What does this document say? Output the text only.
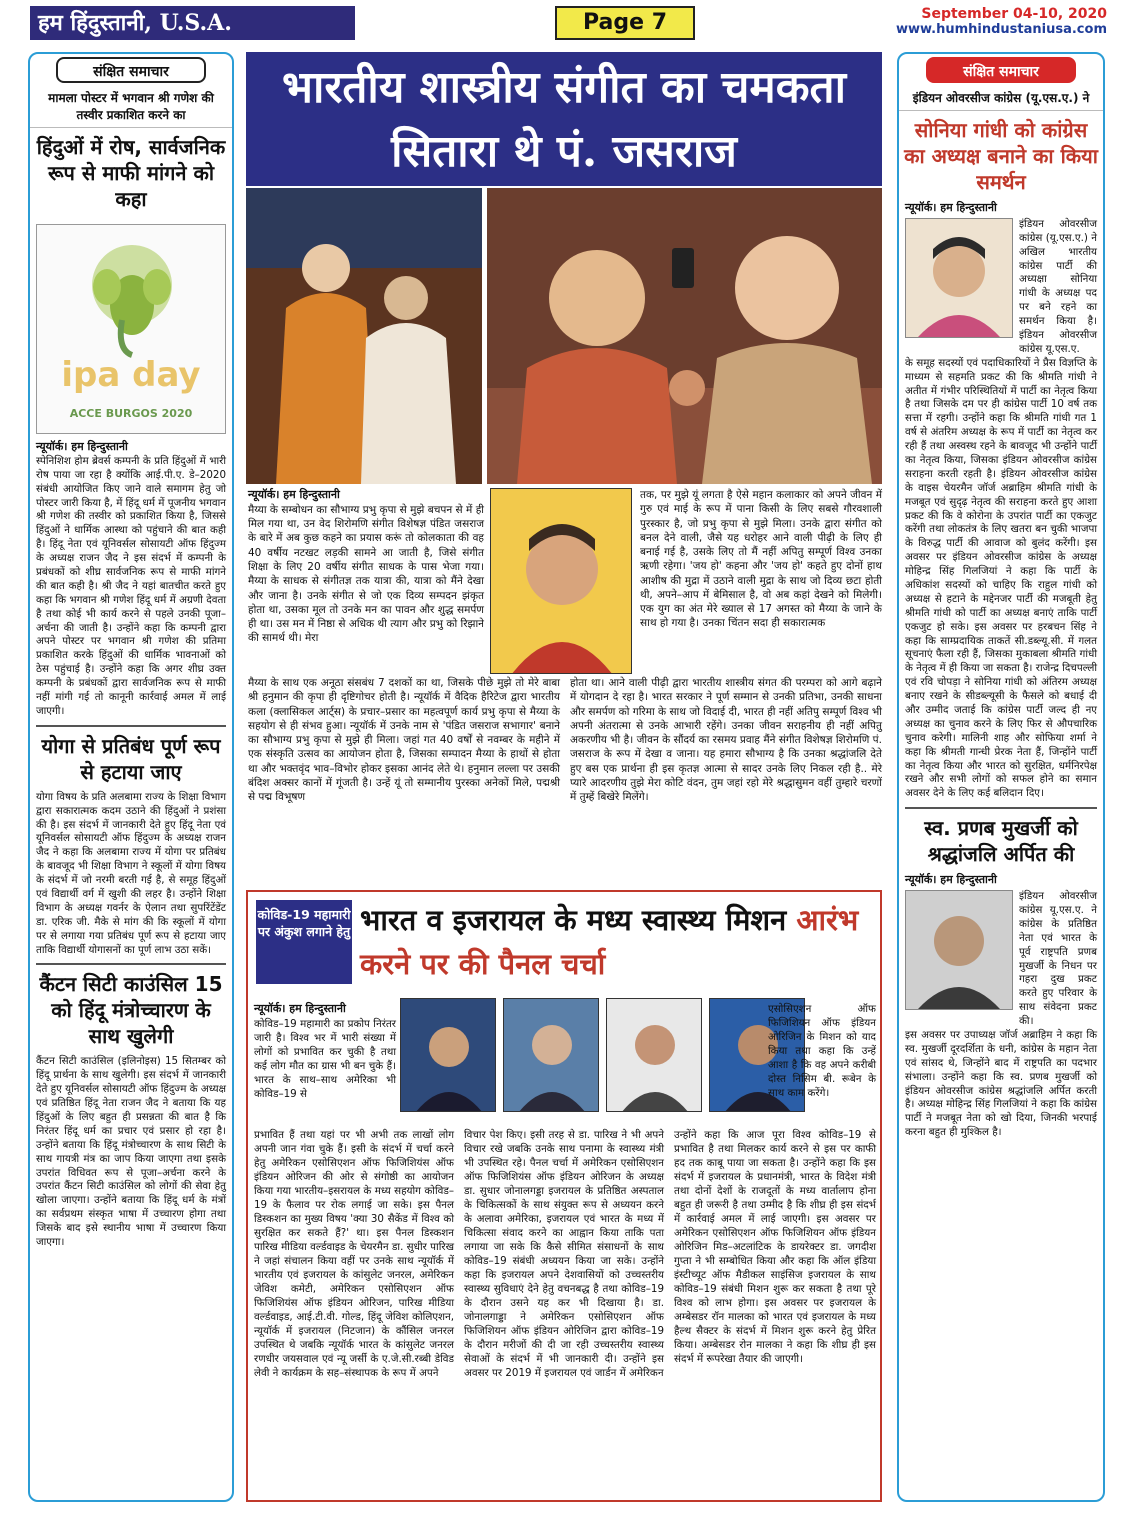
हम हिंदुस्तानी, U.S.A.	Page 7	September 04-10, 2020
www.humhindustaniusa.com
संक्षित समाचार
मामला पोस्टर में भगवान श्री गणेश की तस्वीर प्रकाशित करने का
हिंदुओं में रोष, सार्वजनिक रूप से माफी मांगने को कहा
ipa day
ACCE BURGOS 2020
न्यूयॉर्क। हम हिन्दुस्तानी
स्पेनिशिश होम ब्रेवर्स कम्पनी के प्रति हिंदुओं में भारी रोष पाया जा रहा है क्योंकि आई.पी.ए. डे–2020 संबंधी आयोजित किए जाने वाले समागम हेतु जो पोस्टर जारी किया है, में हिंदू धर्म में पूजनीय भगवान श्री गणेश की तस्वीर को प्रकाशित किया है, जिससे हिंदुओं ने धार्मिक आस्था को पहुंचाने की बात कही है। हिंदू नेता एवं यूनिवर्सल सोसायटी ऑफ हिंदुज्म के अध्यक्ष राजन जैद ने इस संदर्भ में कम्पनी के प्रबंधकों को शीघ्र सार्वजनिक रूप से माफी मांगने की बात कही है। श्री जैद ने यहां बातचीत करते हुए कहा कि भगवान श्री गणेश हिंदू धर्म में अग्रणी देवता है तथा कोई भी कार्य करने से पहले उनकी पूजा–अर्चना की जाती है। उन्होंने कहा कि कम्पनी द्वारा अपने पोस्टर पर भगवान श्री गणेश की प्रतिमा प्रकाशित करके हिंदुओं की धार्मिक भावनाओं को ठेस पहुंचाई है। उन्होंने कहा कि अगर शीघ्र उक्त कम्पनी के प्रबंधकों द्वारा सार्वजनिक रूप से माफी नहीं मांगी गई तो कानूनी कार्रवाई अमल में लाई जाएगी।
योगा से प्रतिबंध पूर्ण रूप से हटाया जाए
योगा विषय के प्रति अलबामा राज्य के शिक्षा विभाग द्वारा सकारात्मक कदम उठाने की हिंदुओं ने प्रशंसा की है। इस संदर्भ में जानकारी देते हुए हिंदू नेता एवं यूनिवर्सल सोसायटी ऑफ हिंदुज्म के अध्यक्ष राजन जैद ने कहा कि अलबामा राज्य में योगा पर प्रतिबंध के बावजूद भी शिक्षा विभाग ने स्कूलों में योगा विषय के संदर्भ में जो नरमी बरती गई है, से समूह हिंदुओं एवं विद्यार्थी वर्ग में खुशी की लहर है। उन्होंने शिक्षा विभाग के अध्यक्ष गवर्नर के ऐलान तथा सुपरिंटेंडेंट डा. एरिक जी. मैके से मांग की कि स्कूलों में योगा पर से लगाया गया प्रतिबंध पूर्ण रूप से हटाया जाए ताकि विद्यार्थी योगासनों का पूर्ण लाभ उठा सकें।
कैंटन सिटी काउंसिल 15 को हिंदू मंत्रोच्चारण के साथ खुलेगी
कैंटन सिटी काउंसिल (इलिनोइस) 15 सितम्बर को हिंदू प्रार्थना के साथ खुलेगी। इस संदर्भ में जानकारी देते हुए यूनिवर्सल सोसायटी ऑफ हिंदुज्म के अध्यक्ष एवं प्रतिष्ठित हिंदू नेता राजन जैद ने बताया कि यह हिंदुओं के लिए बहुत ही प्रसन्नता की बात है कि निरंतर हिंदू धर्म का प्रचार एवं प्रसार हो रहा है। उन्होंने बताया कि हिंदू मंत्रोच्चारण के साथ सिटी के साथ गायत्री मंत्र का जाप किया जाएगा तथा इसके उपरांत विधिवत रूप से पूजा–अर्चना करने के उपरांत कैंटन सिटी काउंसिल को लोगों की सेवा हेतु खोला जाएगा। उन्होंने बताया कि हिंदू धर्म के मंत्रों का सर्वप्रथम संस्कृत भाषा में उच्चारण होगा तथा जिसके बाद इसे स्थानीय भाषा में उच्चारण किया जाएगा।
भारतीय शास्त्रीय संगीत का चमकता सितारा थे पं. जसराज
न्यूयॉर्क। हम हिन्दुस्तानी
मैय्या के सम्बोधन का सौभाग्य प्रभु कृपा से मुझे बचपन से में ही मिल गया था, उन वेद शिरोमणि संगीत विशेषज्ञ पंडित जसराज के बारे में अब कुछ कहने का प्रयास करूं तो कोलकाता की वह 40 वर्षीय नटखट लड़की सामने आ जाती है, जिसे संगीत शिक्षा के लिए 20 वर्षीय संगीत साधक के पास भेजा गया। मैय्या के साधक से संगीतज्ञ तक यात्रा की, यात्रा को मैंने देखा और जाना है। उनके संगीत से जो एक दिव्य सम्पदन झंकृत होता था, उसका मूल तो उनके मन का पावन और शुद्ध समर्पण ही था। उस मन में निष्ठा से अधिक थी त्याग और प्रभु को रिझाने की सामर्थ थी। मेरा
तक, पर मुझे यूं लगता है ऐसे महान कलाकार को अपने जीवन में गुरु एवं माई के रूप में पाना किसी के लिए सबसे गौरवशाली पुरस्कार है, जो प्रभु कृपा से मुझे मिला। उनके द्वारा संगीत को बनल देने वाली, जैसे यह धरोहर आने वाली पीढ़ी के लिए ही बनाई गई है, उसके लिए तो मैं नहीं अपितु सम्पूर्ण विश्व उनका ऋणी रहेगा। 'जय हो' कहना और 'जय हो' कहते हुए दोनों हाथ आशीष की मुद्रा में उठाने वाली मुद्रा के साथ जो दिव्य छटा होती थी, अपने–आप में बेमिसाल है, वो अब कहां देखने को मिलेगी। एक युग का अंत मेरे ख्याल से 17 अगस्त को मैय्या के जाने के साथ हो गया है। उनका चिंतन सदा ही सकारात्मक
मैय्या के साथ एक अनूठा संसबंध 7 दशकों का था, जिसके पीछे मुझे तो मेरे बाबा श्री हनुमान की कृपा ही दृष्टिगोचर होती है। न्यूयॉर्क में वैदिक हैरिटेज द्वारा भारतीय कला (क्लासिकल आर्ट्स) के प्रचार–प्रसार का महत्वपूर्ण कार्य प्रभु कृपा से मैय्या के सहयोग से ही संभव हुआ। न्यूयॉर्क में उनके नाम से 'पंडित जसराज सभागार' बनाने का सौभाग्य प्रभु कृपा से मुझे ही मिला। जहां गत 40 वर्षों से नवम्बर के महीने में एक संस्कृति उत्सव का आयोजन होता है, जिसका सम्पादन मैय्या के हाथों से होता था और भक्तवृंद भाव–विभोर होकर इसका आनंद लेते थे। हनुमान लल्ला पर उसकी बंदिश अक्सर कानों में गूंजती है। उन्हें यूं तो सम्मानीय पुरस्का अनेकों मिले, पद्मश्री से पद्म विभूषण
होता था। आने वाली पीढ़ी द्वारा भारतीय शास्त्रीय संगत की परम्परा को आगे बढ़ाने में योगदान दे रहा है। भारत सरकार ने पूर्ण सम्मान से उनकी प्रतिभा, उनकी साधना और समर्पण को गरिमा के साथ जो विदाई दी, भारत ही नहीं अतिपु सम्पूर्ण विश्व भी अपनी अंतरात्मा से उनके आभारी रहेंगे। उनका जीवन सराहनीय ही नहीं अपितु अकरणीय भी है। जीवन के सौंदर्य का रसमय प्रवाह मैंने संगीत विशेषज्ञ शिरोमणि पं. जसराज के रूप में देखा व जाना। यह हमारा सौभाग्य है कि उनका श्रद्धांजलि देते हुए बस एक प्रार्थना ही इस कृतज्ञ आत्मा से सादर उनके लिए निकल रही है.. मेरे प्यारे आदरणीय तुझे मेरा कोटि वंदन, तुम जहां रहो मेरे श्रद्धासुमन वहीं तुम्हारे चरणों में तुम्हें बिखेरे मिलेंगे।
कोविड-19 महामारी पर अंकुश लगाने हेतु भारत व इजरायल के मध्य स्वास्थ्य मिशन आरंभ करने पर की पैनल चर्चा
न्यूयॉर्क। हम हिन्दुस्तानी
कोविड–19 महामारी का प्रकोप निरंतर जारी है। विश्व भर में भारी संख्या में लोगों को प्रभावित कर चुकी है तथा कई लोग मौत का ग्रास भी बन चुके हैं। भारत के साथ–साथ अमेरिका भी कोविड–19 से
एसोसिएशन ऑफ फिजिशियन ऑफ इंडियन ओरिजिन के मिशन को याद किया तथा कहा कि उन्हें आशा है कि वह अपने करीबी दोस्त निसिम बी. रूबेन के साथ काम करेंगे।
प्रभावित हैं तथा यहां पर भी अभी तक लाखों लोग अपनी जान गंवा चुके हैं। इसी के संदर्भ में चर्चा करने हेतु अमेरिकन एसोसिएशन ऑफ फिजिशियंस ऑफ इंडियन ओरिजन की ओर से संगोष्ठी का आयोजन किया गया भारतीय–इसरायल के मध्य सहयोग कोविड–19 के फैलाव पर रोक लगाई जा सके। इस पैनल डिस्कशन का मुख्य विषय 'क्या 30 सैकेंड में विश्व को सुरक्षित कर सकते हैं?' था। इस पैनल डिस्कशन पारिख मीडिया वर्ल्डवाइड के चेयरमैन डा. सुधीर पारिख ने जहां संचालन किया वहीं पर उनके साथ न्यूयॉर्क में भारतीय एवं इजरायल के कांसुलेट जनरल, अमेरिकन जेविश कमेटी, अमेरिकन एसोसिएशन ऑफ फिजिशियंस ऑफ इंडियन ओरिजन, पारिख मीडिया वर्ल्डवाइड, आई.टी.वी. गोल्ड, हिंदू जेविश कोलिएशन, न्यूयॉर्क में इजरायल (निटजान) के कौंसिल जनरल उपस्थित थे जबकि न्यूयॉर्क भारत के कांसुलेट जनरल रणधीर जयसवाल एवं न्यू जर्सी के ए.जे.सी.रब्बी डेविड लेवी ने कार्यक्रम के सह–संस्थापक के रूप में अपने
विचार पेश किए। इसी तरह से डा. पारिख ने भी अपने विचार रखे जबकि उनके साथ पनामा के स्वास्थ्य मंत्री भी उपस्थित रहे। पैनल चर्चा में अमेरिकन एसोसिएशन ऑफ फिजिशियंस ऑफ इंडियन ओरिजन के अध्यक्ष डा. सुधार जोनालगड्डा इजरायल के प्रतिष्ठित अस्पताल के चिकित्सकों के साथ संयुक्त रूप से अध्ययन करने के अलावा अमेरिका, इजरायल एवं भारत के मध्य में चिकित्सा संवाद करने का आह्वान किया ताकि पता लगाया जा सके कि कैसे सीमित संसाधनों के साथ कोविड–19 संबंधी अध्ययन किया जा सके। उन्होंने कहा कि इजरायल अपने देशवासियों को उच्चस्तरीय स्वास्थ्य सुविधाएं देने हेतु वचनबद्ध है तथा कोविड–19 के दौरान उसने यह कर भी दिखाया है। डा. जोनालगाड्डा ने अमेरिकन एसोसिएशन ऑफ फिजिशियन ऑफ इंडियन ओरिजिन द्वारा कोविड–19 के दौरान मरीजों की दी जा रही उच्चस्तरीय स्वास्थ्य सेवाओं के संदर्भ में भी जानकारी दी। उन्होंने इस अवसर पर 2019 में इजरायल एवं जार्डन में अमेरिकन
उन्होंने कहा कि आज पूरा विश्व कोविड–19 से प्रभावित है तथा मिलकर कार्य करने से इस पर काफी हद तक काबू पाया जा सकता है। उन्होंने कहा कि इस संदर्भ में इजरायल के प्रधानमंत्री, भारत के विदेश मंत्री तथा दोनों देशों के राजदूतों के मध्य वार्तालाप होना बहुत ही जरूरी है तथा उम्मीद है कि शीघ्र ही इस संदर्भ में कार्रवाई अमल में लाई जाएगी। इस अवसर पर अमेरिकन एसोसिएशन ऑफ फिजिशियन ऑफ इंडियन ओरिजिन मिड–अटलांटिक के डायरेक्टर डा. जगदीश गुप्ता ने भी सम्बोधित किया और कहा कि ऑल इंडिया इंस्टीच्यूट ऑफ मैडीकल साइंसिज इजरायल के साथ कोविड–19 संबंधी मिशन शुरू कर सकता है तथा पूरे विश्व को लाभ होगा। इस अवसर पर इजरायल के अम्बेसडर रॉन मालका को भारत एवं इजरायल के मध्य हैल्थ सैक्टर के संदर्भ में मिशन शुरू करने हेतु प्रेरित किया। अम्बेसडर रोन मालका ने कहा कि शीघ्र ही इस संदर्भ में रूपरेखा तैयार की जाएगी।
संक्षित समाचार
इंडियन ओवरसीज कांग्रेस (यू.एस.ए.) ने
सोनिया गांधी को कांग्रेस का अध्यक्ष बनाने का किया समर्थन
न्यूयॉर्क। हम हिन्दुस्तानी
इंडियन ओवरसीज कांग्रेस (यू.एस.ए.) ने अखिल भारतीय कांग्रेस पार्टी की अध्यक्षा सोनिया गांधी के अध्यक्ष पद पर बने रहने का समर्थन किया है। इंडियन ओवरसीज कांग्रेस यू.एस.ए.
के समूह सदस्यों एवं पदाधिकारियों ने प्रैस विज्ञप्ति के माध्यम से सहमति प्रकट की कि श्रीमति गांधी ने अतीत में गंभीर परिस्थितियों में पार्टी का नेतृत्व किया है तथा जिसके दम पर ही कांग्रेस पार्टी 10 वर्ष तक सत्ता में रहगी। उन्होंने कहा कि श्रीमति गांधी गत 1 वर्ष से अंतरिम अध्यक्ष के रूप में पार्टी का नेतृत्व कर रही हैं तथा अस्वस्थ रहने के बावजूद भी उन्होंने पार्टी का नेतृत्व किया, जिसका इंडियन ओवरसीज कांग्रेस सराहना करती रहती है। इंडियन ओवरसीज कांग्रेस के वाइस चेयरमैन जॉर्ज अब्राहिम श्रीमति गांधी के मजबूत एवं सुदृढ़ नेतृत्व की सराहना करते हुए आशा प्रकट की कि वे कोरोना के उपरांत पार्टी का एकजुट करेंगी तथा लोकतंत्र के लिए खतरा बन चुकी भाजपा के विरुद्ध पार्टी की आवाज को बुलंद करेंगी। इस अवसर पर इंडियन ओवरसीज कांग्रेस के अध्यक्ष मोहिन्द्र सिंह गिलजियां ने कहा कि पार्टी के अधिकांश सदस्यों को चाहिए कि राहुल गांधी को अध्यक्ष से हटाने के मद्देनजर पार्टी की मजबूती हेतु श्रीमति गांधी को पार्टी का अध्यक्ष बनाएं ताकि पार्टी एकजुट हो सके। इस अवसर पर हरबचन सिंह ने कहा कि साम्प्रदायिक ताकतें सी.डब्ल्यू.सी. में गलत सूचनाएं फैला रही हैं, जिसका मुकाबला श्रीमति गांधी के नेतृत्व में ही किया जा सकता है। राजेन्द्र दिचपल्ली एवं रवि चोपड़ा ने सोनिया गांधी को अंतिरम अध्यक्ष बनाए रखने के सीडब्ल्यूसी के फैसले को बधाई दी और उम्मीद जताई कि कांग्रेस पार्टी जल्द ही नए अध्यक्ष का चुनाव करने के लिए फिर से औपचारिक चुनाव करेगी। मालिनी शाह और सोफिया शर्मा ने कहा कि श्रीमती गान्धी प्रेरक नेता हैं, जिन्होंने पार्टी का नेतृत्व किया और भारत को सुरक्षित, धर्मनिरपेक्ष रखने और सभी लोगों को सफल होने का समान अवसर देने के लिए कई बलिदान दिए।
स्व. प्रणब मुखर्जी को श्रद्धांजलि अर्पित की
न्यूयॉर्क। हम हिन्दुस्तानी
इंडियन ओवरसीज कांग्रेस यू.एस.ए. ने कांग्रेस के प्रतिष्ठित नेता एवं भारत के पूर्व राष्ट्रपति प्रणब मुखर्जी के निधन पर गहरा दुख प्रकट करते हुए परिवार के साथ संवेदना प्रकट की।
इस अवसर पर उपाध्यक्ष जॉर्ज अब्राहिम ने कहा कि स्व. मुखर्जी दूरदर्शिता के धनी, कांग्रेस के महान नेता एवं सांसद थे, जिन्होंने बाद में राष्ट्रपति का पदभार संभाला। उन्होंने कहा कि स्व. प्रणब मुखर्जी को इंडियन ओवरसीज कांग्रेस श्रद्धांजलि अर्पित करती है। अध्यक्ष मोहिन्द्र सिंह गिलजियां ने कहा कि कांग्रेस पार्टी ने मजबूत नेता को खो दिया, जिनकी भरपाई करना बहुत ही मुश्किल है।
